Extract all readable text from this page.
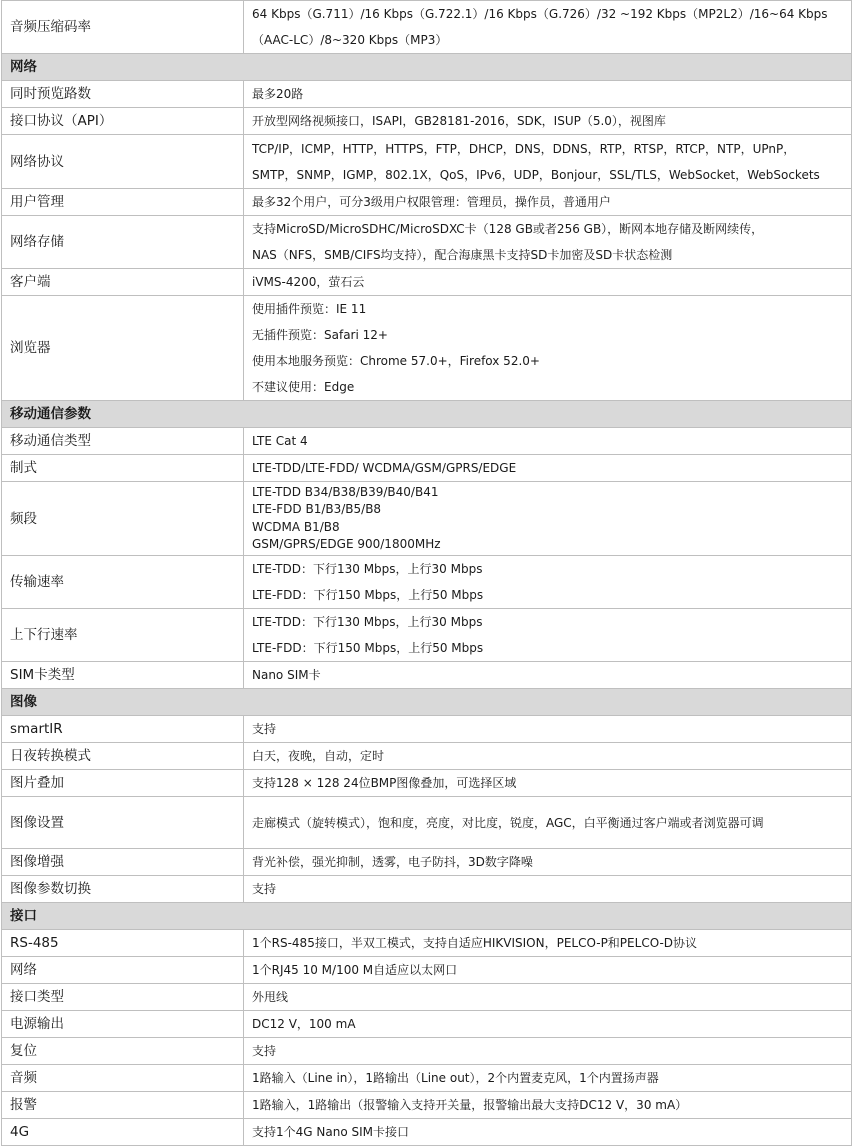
音频压缩码率	64 Kbps（G.711）/16 Kbps（G.722.1）/16 Kbps（G.726）/32 ~192 Kbps（MP2L2）/16~64 Kbps
（AAC-LC）/8~320 Kbps（MP3）

网络	
同时预览路数	最多20路

接口协议（API）	开放型网络视频接口，ISAPI，GB28181-2016，SDK，ISUP（5.0），视图库

网络协议	TCP/IP，ICMP，HTTP，HTTPS，FTP，DHCP，DNS，DDNS，RTP，RTSP，RTCP，NTP，UPnP，
SMTP，SNMP，IGMP，802.1X，QoS，IPv6，UDP，Bonjour，SSL/TLS，WebSocket，WebSockets

用户管理	最多32个用户，可分3级用户权限管理：管理员，操作员，普通用户

网络存储	支持MicroSD/MicroSDHC/MicroSDXC卡（128 GB或者256 GB），断网本地存储及断网续传，
NAS（NFS，SMB/CIFS均支持），配合海康黑卡支持SD卡加密及SD卡状态检测

客户端	iVMS-4200，萤石云

浏览器	使用插件预览：IE 11
无插件预览：Safari 12+
使用本地服务预览：Chrome 57.0+，Firefox 52.0+
不建议使用：Edge

移动通信参数	
移动通信类型	LTE Cat 4

制式	LTE-TDD/LTE-FDD/ WCDMA/GSM/GPRS/EDGE

频段	LTE-TDD B34/B38/B39/B40/B41
LTE-FDD B1/B3/B5/B8
WCDMA B1/B8
GSM/GPRS/EDGE 900/1800MHz

传输速率	LTE-TDD：下行130 Mbps，上行30 Mbps
LTE-FDD：下行150 Mbps，上行50 Mbps

上下行速率	LTE-TDD：下行130 Mbps，上行30 Mbps
LTE-FDD：下行150 Mbps，上行50 Mbps

SIM卡类型	Nano SIM卡

图像	
smartIR	支持

日夜转换模式	白天，夜晚，自动，定时

图片叠加	支持128 × 128 24位BMP图像叠加，可选择区域

图像设置	走廊模式（旋转模式），饱和度，亮度，对比度，锐度，AGC，白平衡通过客户端或者浏览器可调

图像增强	背光补偿，强光抑制，透雾，电子防抖，3D数字降噪

图像参数切换	支持

接口	
RS-485	1个RS-485接口，半双工模式，支持自适应HIKVISION，PELCO-P和PELCO-D协议

网络	1个RJ45 10 M/100 M自适应以太网口

接口类型	外甩线

电源输出	DC12 V，100 mA

复位	支持

音频	1路输入（Line in），1路输出（Line out），2个内置麦克风，1个内置扬声器

报警	1路输入，1路输出（报警输入支持开关量，报警输出最大支持DC12 V，30 mA）

4G	支持1个4G Nano SIM卡接口
